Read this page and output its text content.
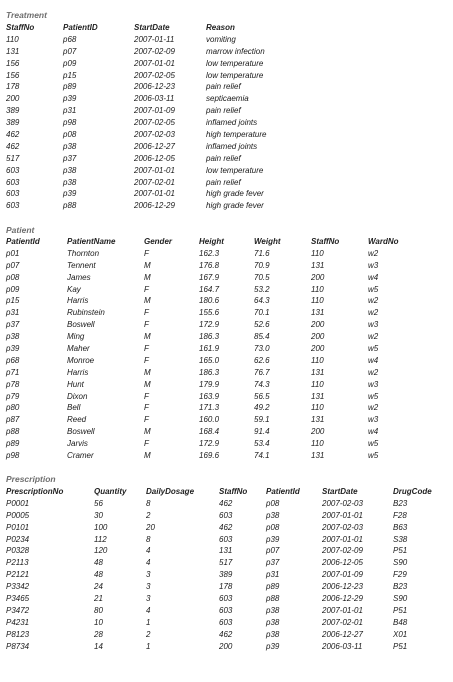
Treatment
StaffNo	PatientID	StartDate	Reason
110	p68	2007-01-11	vomiting
131	p07	2007-02-09	marrow infection
156	p09	2007-01-01	low temperature
156	p15	2007-02-05	low temperature
178	p89	2006-12-23	pain relief
200	p39	2006-03-11	septicaemia
389	p31	2007-01-09	pain relief
389	p98	2007-02-05	inflamed joints
462	p08	2007-02-03	high temperature
462	p38	2006-12-27	inflamed joints
517	p37	2006-12-05	pain relief
603	p38	2007-01-01	low temperature
603	p38	2007-02-01	pain relief
603	p39	2007-01-01	high grade fever
603	p88	2006-12-29	high grade fever
Patient
PatientId	PatientName	Gender	Height	Weight	StaffNo	WardNo
p01	Thornton	F	162.3	71.6	110	w2
p07	Tennent	M	176.8	70.9	131	w3
p08	James	M	167.9	70.5	200	w4
p09	Kay	F	164.7	53.2	110	w5
p15	Harris	M	180.6	64.3	110	w2
p31	Rubinstein	F	155.6	70.1	131	w2
p37	Boswell	F	172.9	52.6	200	w3
p38	Ming	M	186.3	85.4	200	w2
p39	Maher	F	161.9	73.0	200	w5
p68	Monroe	F	165.0	62.6	110	w4
p71	Harris	M	186.3	76.7	131	w2
p78	Hunt	M	179.9	74.3	110	w3
p79	Dixon	F	163.9	56.5	131	w5
p80	Bell	F	171.3	49.2	110	w2
p87	Reed	F	160.0	59.1	131	w3
p88	Boswell	M	168.4	91.4	200	w4
p89	Jarvis	F	172.9	53.4	110	w5
p98	Cramer	M	169.6	74.1	131	w5
Prescription
PrescriptionNo	Quantity DailyDosage	StaffNo PatientId	StartDate	DrugCode
P0001	56	8	462	p08	2007-02-03	B23
P0005	30	2	603	p38	2007-01-01	F28
P0101	100	20	462	p08	2007-02-03	B63
P0234	112	8	603	p39	2007-01-01	S38
P0328	120	4	131	p07	2007-02-09	P51
P2113	48	4	517	p37	2006-12-05	S90
P2121	48	3	389	p31	2007-01-09	F29
P3342	24	3	178	p89	2006-12-23	B23
P3465	21	3	603	p88	2006-12-29	S90
P3472	80	4	603	p38	2007-01-01	P51
P4231	10	1	603	p38	2007-02-01	B48
P8123	28	2	462	p38	2006-12-27	X01
P8734	14	1	200	p39	2006-03-11	P51
